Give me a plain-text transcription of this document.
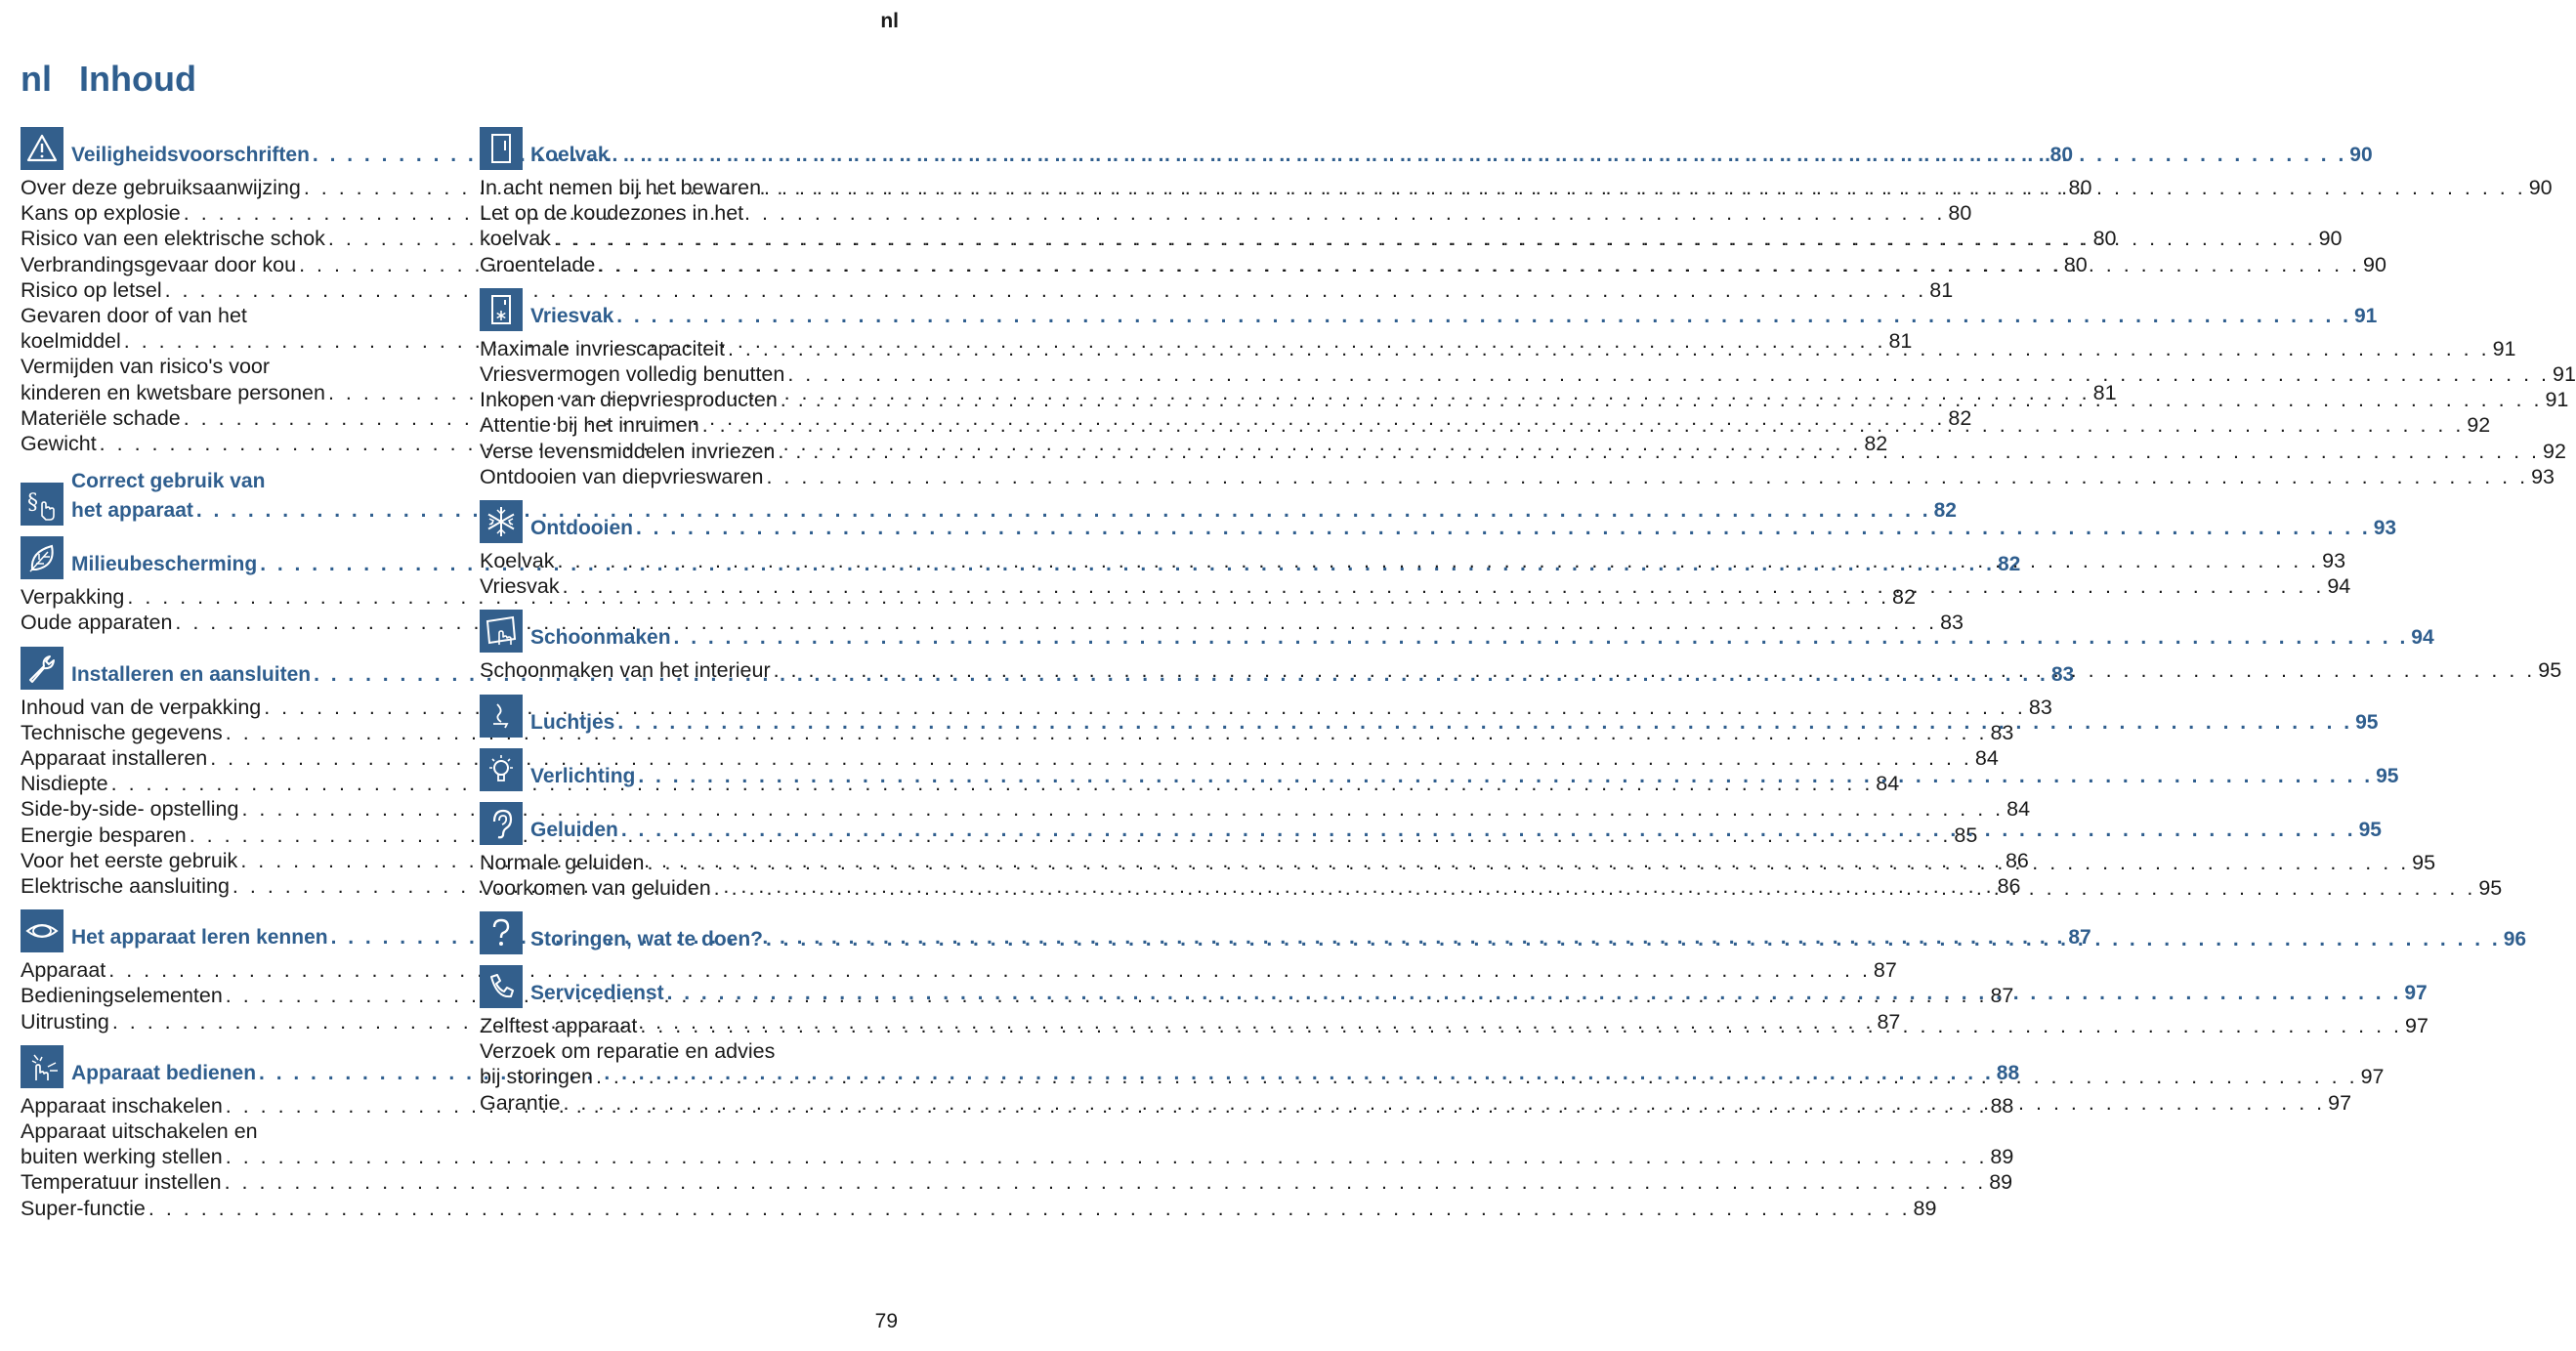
nl
nl Inhoud
Veiligheidsvoorschriften . . .	80
Over deze gebruiksaanwijzing . . .	80
Kans op explosie . . .	80
Risico van een elektrische schok . . .	80
Verbrandingsgevaar door kou . . .	80
Risico op letsel . . .	81
Gevaren door of van het
koelmiddel . . .	81
Vermijden van risico's voor
kinderen en kwetsbare personen . . .	81
Materiële schade . . .	82
Gewicht . . .	82
§
Correct gebruik van
het apparaat . . .	82
Milieubescherming . . .	82
Verpakking . . .	82
Oude apparaten . . .	83
Installeren en aansluiten . . .	83
Inhoud van de verpakking . . .	83
Technische gegevens . . .	83
Apparaat installeren . . .	84
Nisdiepte . . .	84
Side-by-side- opstelling . . .	84
Energie besparen . . .	85
Voor het eerste gebruik . . .	86
Elektrische aansluiting . . .	86
Het apparaat leren kennen . . .	87
Apparaat . . .	87
Bedieningselementen . . .	87
Uitrusting . . .	87
Apparaat bedienen . . .	88
Apparaat inschakelen . . .	88
Apparaat uitschakelen en
buiten werking stellen . . .	89
Temperatuur instellen . . .	89
Super-functie . . .	89
Koelvak . . .	90
In acht nemen bij het bewaren . . .	90
Let op de koudezones in het
koelvak . . .	90
Groentelade . . .	90
Vriesvak . . .	91
Maximale invriescapaciteit . . .	91
Vriesvermogen volledig benutten . . .	91
Inkopen van diepvriesproducten . . .	91
Attentie bij het inruimen . . .	92
Verse levensmiddelen invriezen . . .	92
Ontdooien van diepvrieswaren . . .	93
Ontdooien . . .	93
Koelvak . . .	93
Vriesvak . . .	94
Schoonmaken . . .	94
Schoonmaken van het interieur . . .	95
Luchtjes . . .	95
Verlichting . . .	95
Geluiden . . .	95
Normale geluiden . . .	95
Voorkomen van geluiden . . .	95
Storingen, wat te doen? . . .	96
Servicedienst . . .	97
Zelftest apparaat . . .	97
Verzoek om reparatie en advies
bij storingen . . .	97
Garantie . . .	97
79
